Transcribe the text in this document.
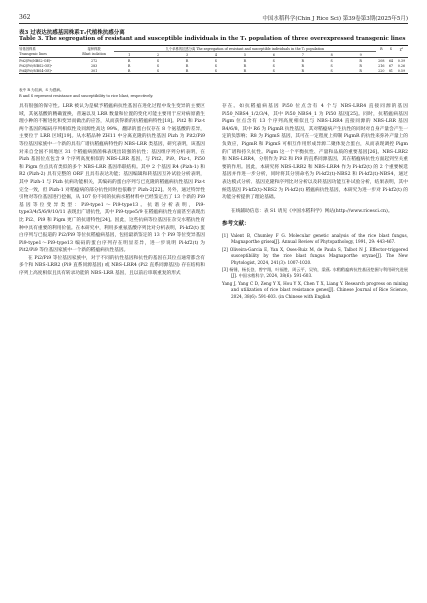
362	中国水稻科学(Chin J Rice Sci) 第39卷第3期(2025年5月)
表3 过表达抗感基因株系T₁代植株抗感分离
Table 3. The segregation of resistant and susceptible individuals in the T₁ population of three overexpressed transgenic lines
转基因株系	接种株数	九个单株的抗感分离 The segregation of resistant and susceptible individuals in the T₁ population									R	S	χ²
Transgenic lines	Blast isolation	1	2	3	4	5	6	7	8	9			
Pit2(Pit/NBS2-OE)ᵃ	272	R	S	R	S	R	S	R	S	R	208	64	0.39
Pit2(Pi9/NBS2-OE)ᵃ	283	R	S	R	S	R	S	R	S	R	216	67	0.26
Pit4(Pi9/NBS4-OE)ᵃ	301	R	S	R	S	R	S	R	S	R	220	81	0.59
表中 R 为抗病，S 为感病。
R and S represent resistance and susceptibility to rice blast, respectively.

具有很强的保守性。LRR 被认为是赋予稻瘟病抗性基因在进化过程中发生变异的主要区域，其氨基酸的精确置换，普遍以及 LRR 数量和位置的变化可能主要用于应对病原菌生理小种的不断进化和变异而做出的应答，从而获得新的抗稻瘟病特性[18]。Pit2 和 Piz-t 两个基因的编码序列相似性及同源性高达 99%，翻译的蛋白仅存在 8 个氨基酸的差异，主要位于 LRR 区域[19]。从水稻品种 ZH11 中分离克隆的抗性基因 Pizh 为 Pit2/Pi9 等位基因家族中一个新的具有广谱抗稻瘟病特性的 NBS-LRR 类基因，研究表明，该基因对来自全国不同地区 31 个稻瘟病菌菌株表现出较强的抗性；基因组序列分析表明，在 Pizh 基因位点包含 9 个序列高度相似的 NBS-LRR 基因，与 Pit2、Pi9、Piz-t、Pi50 和 Pigm 位点具有类似的多个 NBS-LRR 基因串联结构。其中 2 个基因 R4 (Pizh-1) 和 R2 (Pizh-2) 具有完整的 ORF 且具有表达功能；基因编辑和转基因互补试验分析表明，其中 Pizh-1 与 Pizh 抗病功能相关，其编码的蛋白序列与已克隆的稻瘟病抗性基因 Piz-t 完全一致，但 Pizh-1 对稻瘟病的部分抗性同时也依赖于 Pizh-2[22]。另外，通过特异性引物对等位基因进行挖掘，从 107 份不同的抗病水稻材料中已经鉴定出了 13 个新的 Pi9 基因等位变异类型：Pi9-type1～Pi9-type13。抗谱分析表明，Pi9-type3/4/5/6/9/10/11 表现出广谱抗性，其中 Pi9-type5/9 在稻瘟病抗性方面甚至表现出比 Pi2、Pi9 和 Pigm 更广的抗谱特性[24]。因此，这些抗病等位基因在杂交水稻抗性育种中具有重要的利用价值。在本研究中，利用多重氨基酸序列比对分析表明，Pi-kf2(t) 蛋白序列与已报道的 Pi2/Pi9 等位抗稻瘟病基因，包括最新鉴定的 13 个 Pi9 等位变异基因 Pi9-type1～Pi9-type13 编码的蛋白序列存在明显差异，进一步说明 Pi-kf2(t) 为 Pit2/Pi9 等位基因家族中一个新的稻瘟病抗性基因。

在 Pi2/Pi9 等位基因家族中，对于不同的抗性基因和抗性的基因在其位点通常都含有多个和 NBS-LRR2 (Pi9 直系同源基因) 或 NBS-LRR4 (Pi2 直系同源基因) 存在结构和序列上高度相似且具有转录功能的 NBS-LRR 基因，且以前后串联重复的形式

存在。如抗稻瘟病基因 Pi50 位点含有 4 个与 NBS-LRR4 直接同源的基因 Pi50_NBS4_1/2/3/4，其中 Pi50_NBS4_1 为 Pi50 基因[25]。同时，抗稻瘟病基因 Pigm 位点含有 13 个序列高度相似且与 NBS-LRR4 直接同源的 NBS-LRR 基因 R4/6/8，其中 R6 为 PigmR 抗性基因，其对稻瘟病产生抗性的同时对自身产量会产生一定的负影响；R8 为 PigmS 基因，其可在一定程度上抑制 PigmR 的抗性来弥补产量上的负效应，PigmR 和 PigmS 可相互作用形成异源二聚体复合蛋白，从而表现调控 Pigm 的广谱和持久抗性。Pigm 这一个平衡抗性、产量和品质的重要基因[26]。NBS-LRR2 和 NBS-LRR4，分别作为 Pi2 和 Pi9 的直系同源基因，其在稻瘟病抗性方面起到至关重要的作用。因此，本研究将 NBS-LRR2 和 NBS-LRR4 作为 Pi-kf2(t) 的 2 个重要候选基因并作进一步分析，同时将其分别命名为 Pi-kf2(t)-NBS2 和 Pi-kf2(t)-NBS4，通过表达模式分析、基因克隆和序列比对分析以及转基因功能互补试验分析，结果表明，其中候选基因 Pi-kf2(t)-NBS2 为 Pi-kf2(t) 稻瘟病抗性基因，本研究为进一步对 Pi-kf2(t) 的功能分析提供了理论基础。

在线辅助信息：表 S1 请见《中国水稻科学》网站(http://www.ricesci.cn)。

参考文献：
[1] Valent B, Chumley F G. Molecular genetic analysis of the rice blast fungus, Magnaporthe grisea[J]. Annual Review of Phytopathology, 1991, 29: 443-467.
[2] Oliveira-Garcia E, Yan X, Oses-Ruiz M, de Paula S, Talbot N J. Effector-triggered susceptibility by the rice blast fungus Magnaporthe oryzae[J]. The New Phytologist, 2024, 241(3): 1007-1020.
[3] 杨锤，杨长登，曾宇翔，叶福胜，周云平，吴钧，梁燕. 水稻稻瘟病抗性基因挖掘与利用研究进展[J]. 中国水稻科学, 2024, 38(6): 591-603.
Yang J, Yang C D, Zeng Y X, Hou Y X, Chen T X, Liang Y. Research progress on mining and utilization of rice blast resistance genes[J]. Chinese Journal of Rice Science, 2024, 38(6): 591-603. (in Chinese with English
